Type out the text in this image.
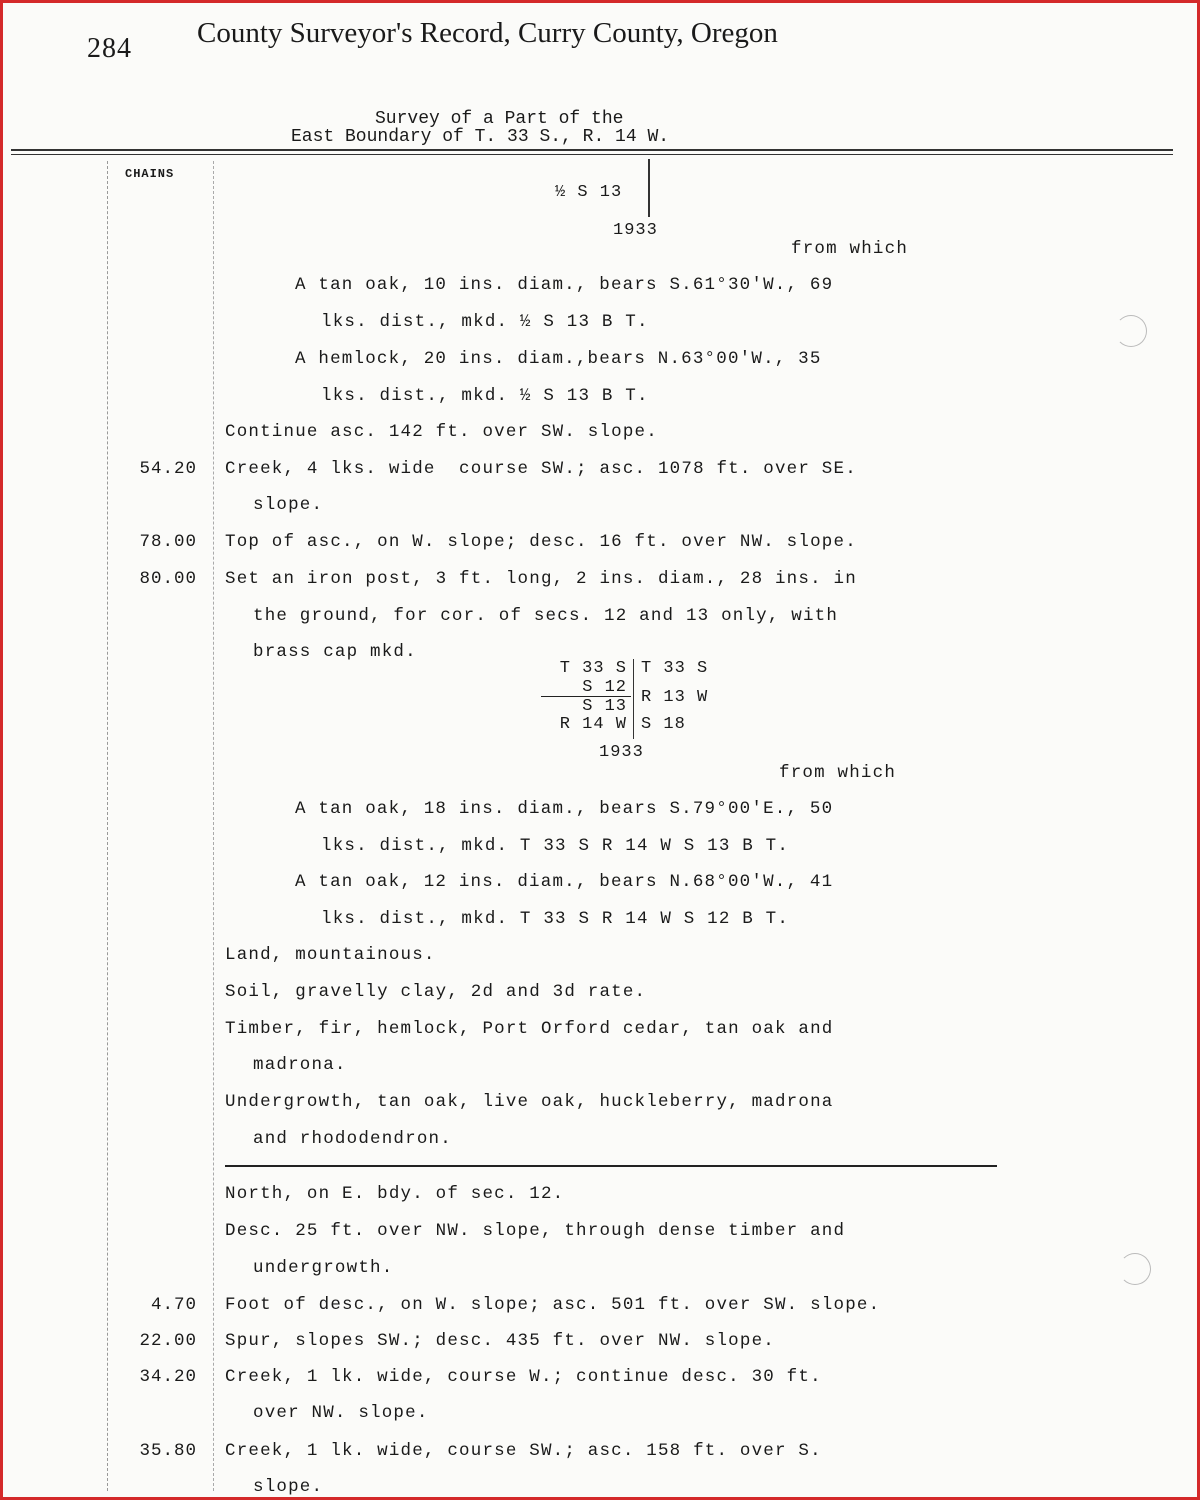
284 County Surveyor's Record, Curry County, Oregon
Survey of a Part of the
East Boundary of T. 33 S., R. 14 W.
CHAINS
½ S 13
1933
from which
A tan oak, 10 ins. diam., bears S.61°30'W., 69
lks. dist., mkd. ½ S 13 B T.
A hemlock, 20 ins. diam.,bears N.63°00'W., 35
lks. dist., mkd. ½ S 13 B T.
Continue asc. 142 ft. over SW. slope.
54.20 Creek, 4 lks. wide  course SW.; asc. 1078 ft. over SE.
slope.
78.00 Top of asc., on W. slope; desc. 16 ft. over NW. slope.
80.00 Set an iron post, 3 ft. long, 2 ins. diam., 28 ins. in
the ground, for cor. of secs. 12 and 13 only, with
brass cap mkd.
T 33 S
S 12
S 13
R 14 W
T 33 S
R 13 W
S 18
1933
from which
A tan oak, 18 ins. diam., bears S.79°00'E., 50
lks. dist., mkd. T 33 S R 14 W S 13 B T.
A tan oak, 12 ins. diam., bears N.68°00'W., 41
lks. dist., mkd. T 33 S R 14 W S 12 B T.
Land, mountainous.
Soil, gravelly clay, 2d and 3d rate.
Timber, fir, hemlock, Port Orford cedar, tan oak and
madrona.
Undergrowth, tan oak, live oak, huckleberry, madrona
and rhododendron.
North, on E. bdy. of sec. 12.
Desc. 25 ft. over NW. slope, through dense timber and
undergrowth.
4.70 Foot of desc., on W. slope; asc. 501 ft. over SW. slope.
22.00 Spur, slopes SW.; desc. 435 ft. over NW. slope.
34.20 Creek, 1 lk. wide, course W.; continue desc. 30 ft.
over NW. slope.
35.80 Creek, 1 lk. wide, course SW.; asc. 158 ft. over S.
slope.
